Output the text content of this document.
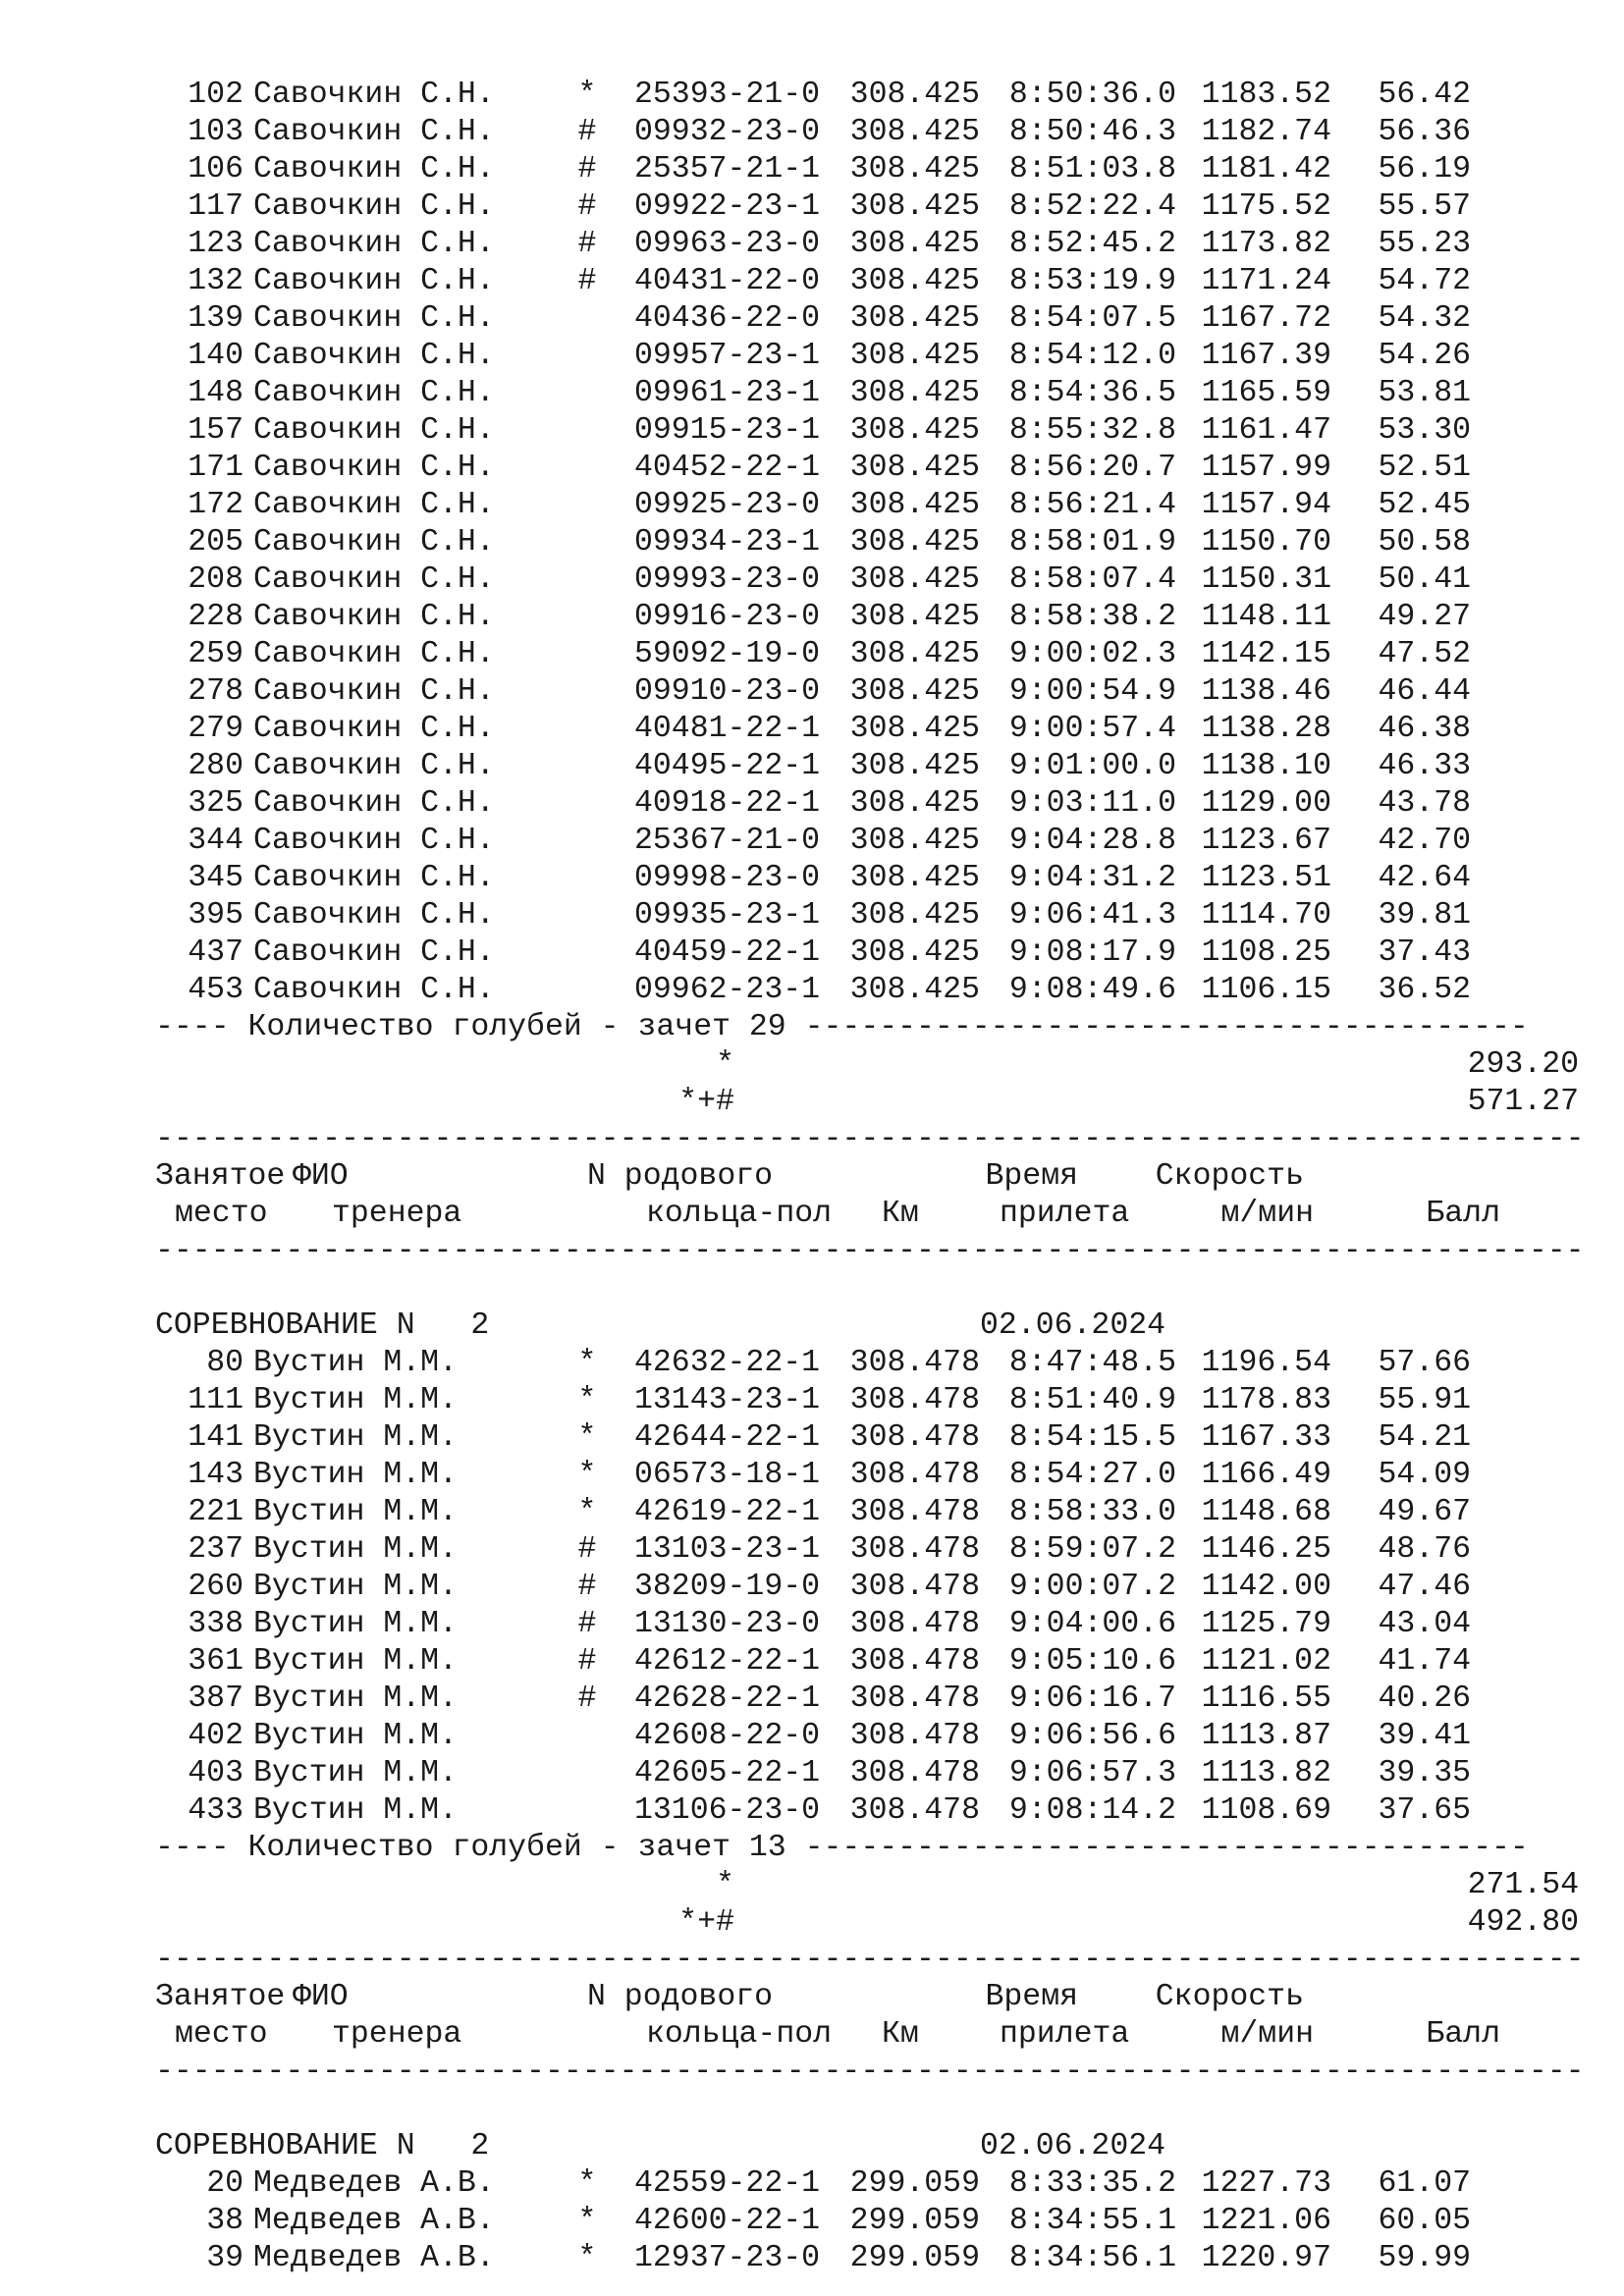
102 Савочкин С.Н.	*	25393-21-0 308.425 8:50:36.0 1183.52	56.42
103 Савочкин С.Н.	#	09932-23-0 308.425 8:50:46.3 1182.74	56.36
106 Савочкин С.Н.	#	25357-21-1 308.425 8:51:03.8 1181.42	56.19
117 Савочкин С.Н.	#	09922-23-1 308.425 8:52:22.4 1175.52	55.57
123 Савочкин С.Н.	#	09963-23-0 308.425 8:52:45.2 1173.82	55.23
132 Савочкин С.Н.	#	40431-22-0 308.425 8:53:19.9 1171.24	54.72
139 Савочкин С.Н.	40436-22-0 308.425 8:54:07.5 1167.72	54.32
140 Савочкин С.Н.	09957-23-1 308.425 8:54:12.0 1167.39	54.26
148 Савочкин С.Н.	09961-23-1 308.425 8:54:36.5 1165.59	53.81
157 Савочкин С.Н.	09915-23-1 308.425 8:55:32.8 1161.47	53.30
171 Савочкин С.Н.	40452-22-1 308.425 8:56:20.7 1157.99	52.51
172 Савочкин С.Н.	09925-23-0 308.425 8:56:21.4 1157.94	52.45
205 Савочкин С.Н.	09934-23-1 308.425 8:58:01.9 1150.70	50.58
208 Савочкин С.Н.	09993-23-0 308.425 8:58:07.4 1150.31	50.41
228 Савочкин С.Н.	09916-23-0 308.425 8:58:38.2 1148.11	49.27
259 Савочкин С.Н.	59092-19-0 308.425 9:00:02.3 1142.15	47.52
278 Савочкин С.Н.	09910-23-0 308.425 9:00:54.9 1138.46	46.44
279 Савочкин С.Н.	40481-22-1 308.425 9:00:57.4 1138.28	46.38
280 Савочкин С.Н.	40495-22-1 308.425 9:01:00.0 1138.10	46.33
325 Савочкин С.Н.	40918-22-1 308.425 9:03:11.0 1129.00	43.78
344 Савочкин С.Н.	25367-21-0 308.425 9:04:28.8 1123.67	42.70
345 Савочкин С.Н.	09998-23-0 308.425 9:04:31.2 1123.51	42.64
395 Савочкин С.Н.	09935-23-1 308.425 9:06:41.3 1114.70	39.81
437 Савочкин С.Н.	40459-22-1 308.425 9:08:17.9 1108.25	37.43
453 Савочкин С.Н.	09962-23-1 308.425 9:08:49.6 1106.15	36.52
---- Количество голубей - зачет 29 ---------------------------------------
*	293.20
*+#	571.27
-----------------------------------------------------------------------------
Занятое ФИО	N родового	Время	Скорость
место	тренера	кольца-пол	Км	прилета	м/мин	Балл
-----------------------------------------------------------------------------
СОРЕВНОВАНИЕ N   2	02.06.2024
80 Вустин М.М.	*	42632-22-1 308.478 8:47:48.5 1196.54	57.66
111 Вустин М.М.	*	13143-23-1 308.478 8:51:40.9 1178.83	55.91
141 Вустин М.М.	*	42644-22-1 308.478 8:54:15.5 1167.33	54.21
143 Вустин М.М.	*	06573-18-1 308.478 8:54:27.0 1166.49	54.09
221 Вустин М.М.	*	42619-22-1 308.478 8:58:33.0 1148.68	49.67
237 Вустин М.М.	#	13103-23-1 308.478 8:59:07.2 1146.25	48.76
260 Вустин М.М.	#	38209-19-0 308.478 9:00:07.2 1142.00	47.46
338 Вустин М.М.	#	13130-23-0 308.478 9:04:00.6 1125.79	43.04
361 Вустин М.М.	#	42612-22-1 308.478 9:05:10.6 1121.02	41.74
387 Вустин М.М.	#	42628-22-1 308.478 9:06:16.7 1116.55	40.26
402 Вустин М.М.	42608-22-0 308.478 9:06:56.6 1113.87	39.41
403 Вустин М.М.	42605-22-1 308.478 9:06:57.3 1113.82	39.35
433 Вустин М.М.	13106-23-0 308.478 9:08:14.2 1108.69	37.65
---- Количество голубей - зачет 13 ---------------------------------------
*	271.54
*+#	492.80
-----------------------------------------------------------------------------
Занятое ФИО	N родового	Время	Скорость
место	тренера	кольца-пол	Км	прилета	м/мин	Балл
-----------------------------------------------------------------------------
СОРЕВНОВАНИЕ N   2	02.06.2024
20 Медведев А.В.	*	42559-22-1 299.059 8:33:35.2 1227.73	61.07
38 Медведев А.В.	*	42600-22-1 299.059 8:34:55.1 1221.06	60.05
39 Медведев А.В.	*	12937-23-0 299.059 8:34:56.1 1220.97	59.99
